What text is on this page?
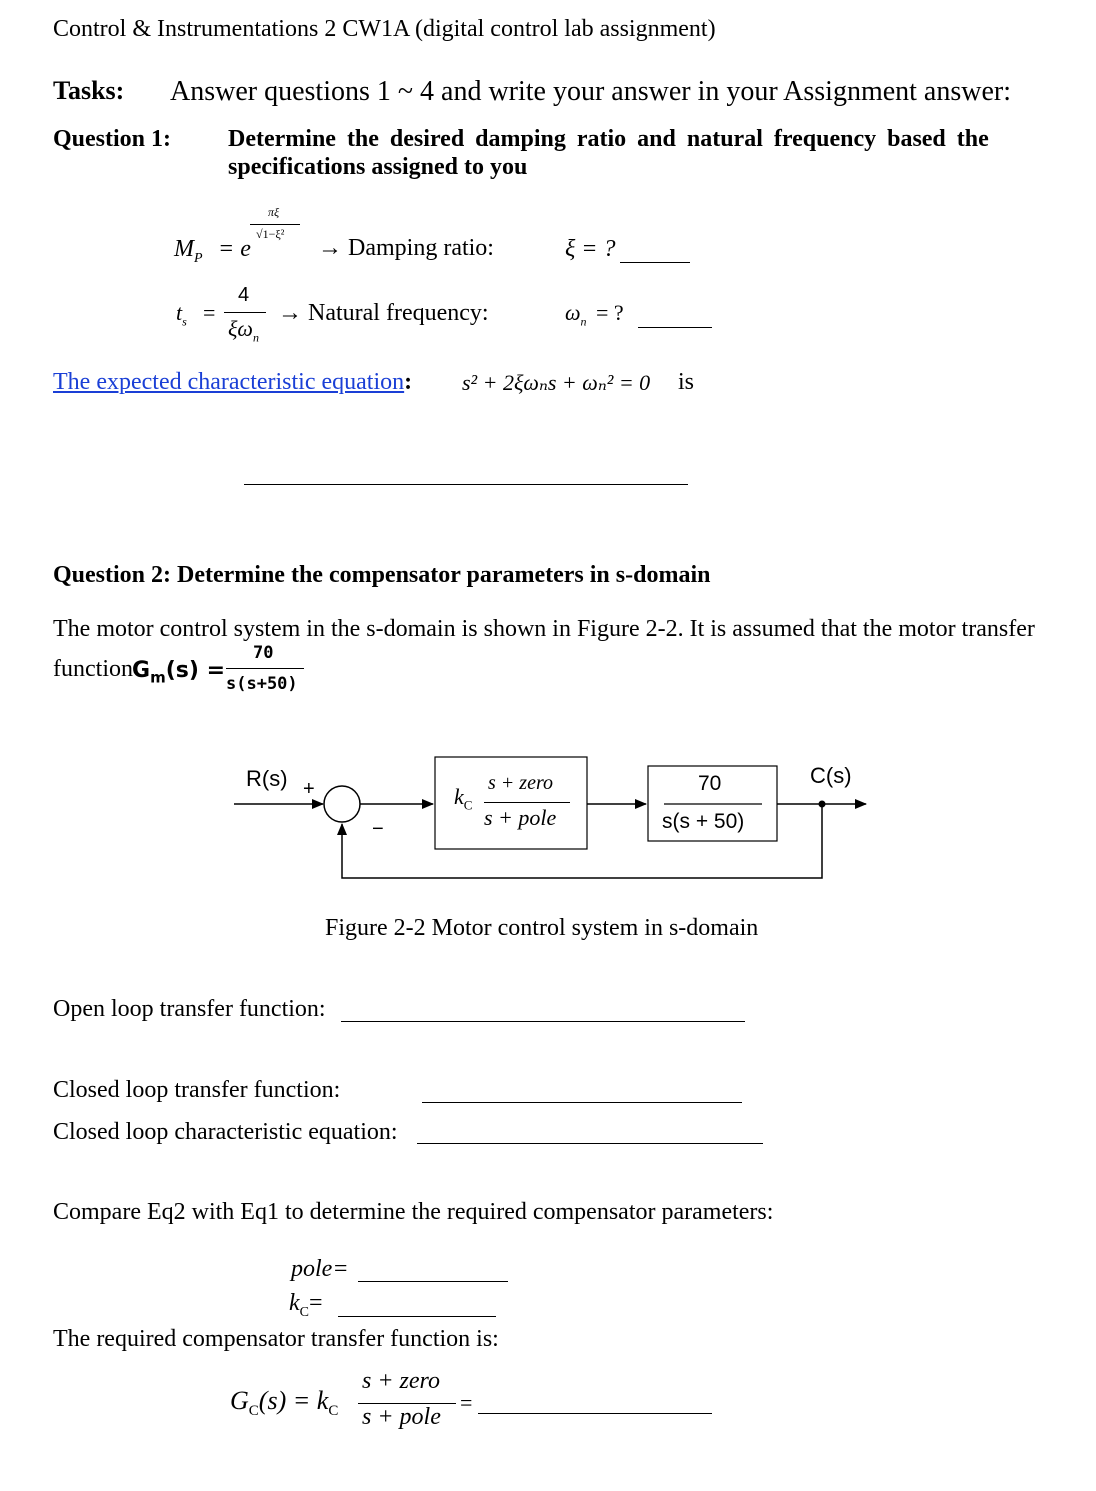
Control & Instrumentations 2 CW1A (digital control lab assignment)
Tasks: Answer questions 1 ~ 4 and write your answer in your Assignment answer:
Question 1: Determine the desired damping ratio and natural frequency based the
specifications assigned to you
$M_P = e$
πξ
√1−ξ²
→ Damping ratio:	ξ = ?
$t_s$ =
4
$\xi\omega_n$
→ Natural frequency:	$\omega_n$ = ?
The expected characteristic equation: s² + 2ξωₙs + ωₙ² = 0 is
Question 2: Determine the compensator parameters in s-domain
The motor control system in the s-domain is shown in Figure 2-2. It is assumed that the motor transfer
function $G_m(s)$ =
70
s(s+50)
R(s) +
−
C(s)
$k_C$
s + zero
s + pole
70
s(s + 50)
Figure 2-2 Motor control system in s-domain
Open loop transfer function:
Closed loop transfer function:
Closed loop characteristic equation:
Compare Eq2 with Eq1 to determine the required compensator parameters:
pole=
$k_C=$
The required compensator transfer function is:
$G_C(s) = k_C$
s + zero
s + pole
=
